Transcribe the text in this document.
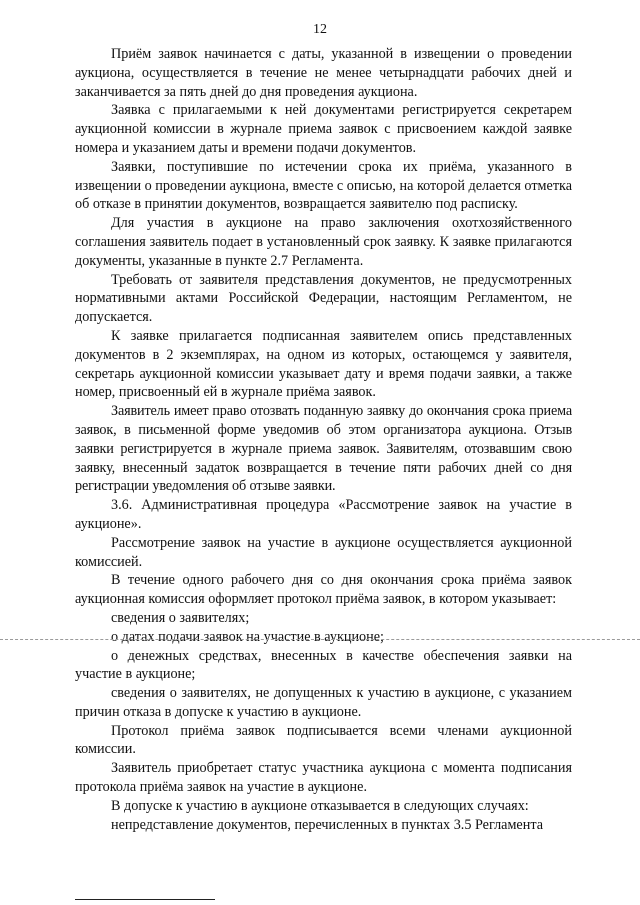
12

Приём заявок начинается с даты, указанной в извещении о проведении аукциона, осуществляется в течение не менее четырнадцати рабочих дней и заканчивается за пять дней до дня проведения аукциона.

Заявка с прилагаемыми к ней документами регистрируется секретарем аукционной комиссии в журнале приема заявок с присвоением каждой заявке номера и указанием даты и времени подачи документов.

Заявки, поступившие по истечении срока их приёма, указанного в извещении о проведении аукциона, вместе с описью, на которой делается отметка об отказе в принятии документов, возвращается заявителю под расписку.

Для участия в аукционе на право заключения охотхозяйственного соглашения заявитель подает в установленный срок заявку. К заявке прилагаются документы, указанные в пункте 2.7 Регламента.

Требовать от заявителя представления документов, не предусмотренных нормативными актами Российской Федерации, настоящим Регламентом, не допускается.

К заявке прилагается подписанная заявителем опись представленных документов в 2 экземплярах, на одном из которых, остающемся у заявителя, секретарь аукционной комиссии указывает дату и время подачи заявки, а также номер, присвоенный ей в журнале приёма заявок.

Заявитель имеет право отозвать поданную заявку до окончания срока приема заявок, в письменной форме уведомив об этом организатора аукциона. Отзыв заявки регистрируется в журнале приема заявок. Заявителям, отозвавшим свою заявку, внесенный задаток возвращается в течение пяти рабочих дней со дня регистрации уведомления об отзыве заявки.

3.6. Административная процедура «Рассмотрение заявок на участие в аукционе».

Рассмотрение заявок на участие в аукционе осуществляется аукционной комиссией.

В течение одного рабочего дня со дня окончания срока приёма заявок аукционная комиссия оформляет протокол приёма заявок, в котором указывает:

сведения о заявителях;

о датах подачи заявок на участие в аукционе;

о денежных средствах, внесенных в качестве обеспечения заявки на участие в аукционе;

сведения о заявителях, не допущенных к участию в аукционе, с указанием причин отказа в допуске к участию в аукционе.

Протокол приёма заявок подписывается всеми членами аукционной комиссии.

Заявитель приобретает статус участника аукциона с момента подписания протокола приёма заявок на участие в аукционе.

В допуске к участию в аукционе отказывается в следующих случаях:

непредставление документов, перечисленных в пунктах 3.5 Регламента
